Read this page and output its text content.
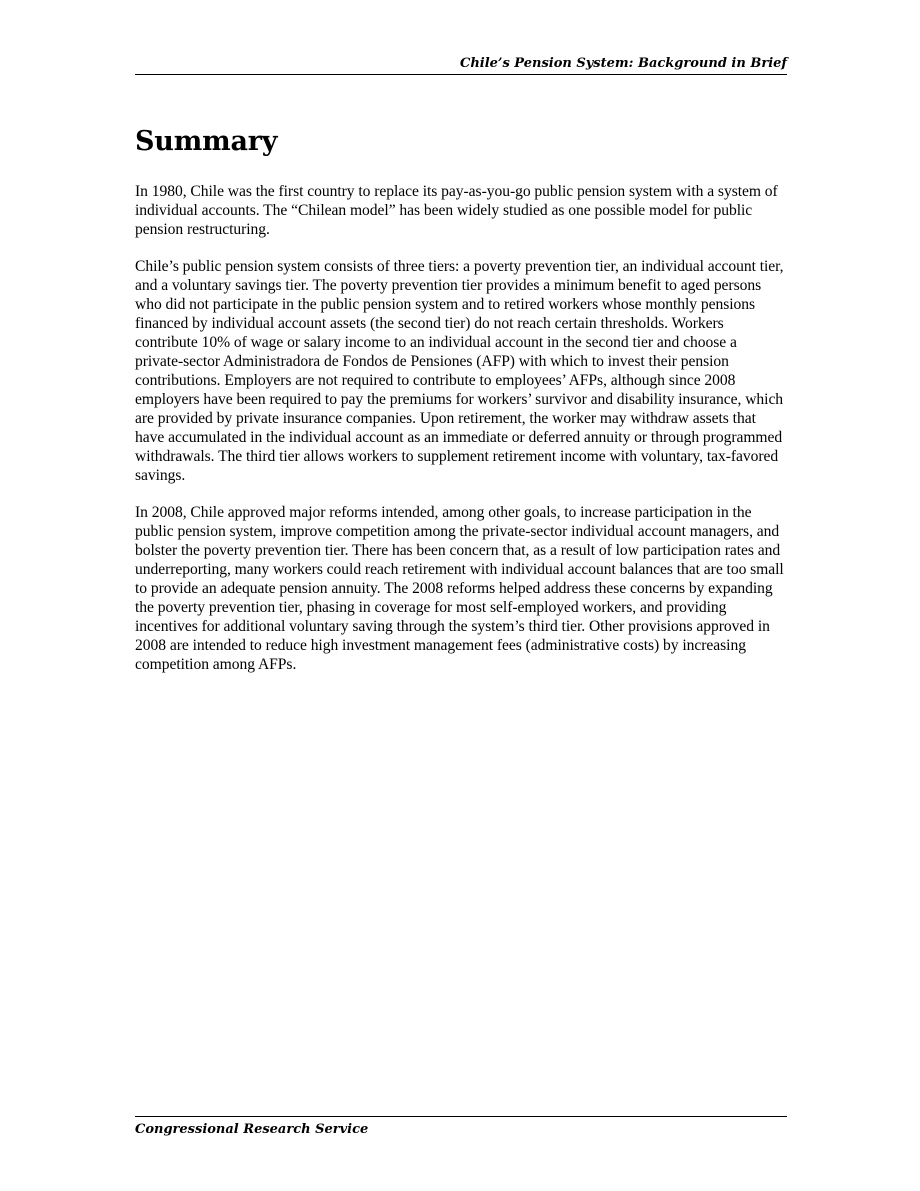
Chile’s Pension System: Background in Brief
Summary

In 1980, Chile was the first country to replace its pay-as-you-go public pension system with a system of individual accounts. The “Chilean model” has been widely studied as one possible model for public pension restructuring.

Chile’s public pension system consists of three tiers: a poverty prevention tier, an individual account tier, and a voluntary savings tier. The poverty prevention tier provides a minimum benefit to aged persons who did not participate in the public pension system and to retired workers whose monthly pensions financed by individual account assets (the second tier) do not reach certain thresholds. Workers contribute 10% of wage or salary income to an individual account in the second tier and choose a private-sector Administradora de Fondos de Pensiones (AFP) with which to invest their pension contributions. Employers are not required to contribute to employees’ AFPs, although since 2008 employers have been required to pay the premiums for workers’ survivor and disability insurance, which are provided by private insurance companies. Upon retirement, the worker may withdraw assets that have accumulated in the individual account as an immediate or deferred annuity or through programmed withdrawals. The third tier allows workers to supplement retirement income with voluntary, tax-favored savings.

In 2008, Chile approved major reforms intended, among other goals, to increase participation in the public pension system, improve competition among the private-sector individual account managers, and bolster the poverty prevention tier. There has been concern that, as a result of low participation rates and underreporting, many workers could reach retirement with individual account balances that are too small to provide an adequate pension annuity. The 2008 reforms helped address these concerns by expanding the poverty prevention tier, phasing in coverage for most self-employed workers, and providing incentives for additional voluntary saving through the system’s third tier. Other provisions approved in 2008 are intended to reduce high investment management fees (administrative costs) by increasing competition among AFPs.

Congressional Research Service
